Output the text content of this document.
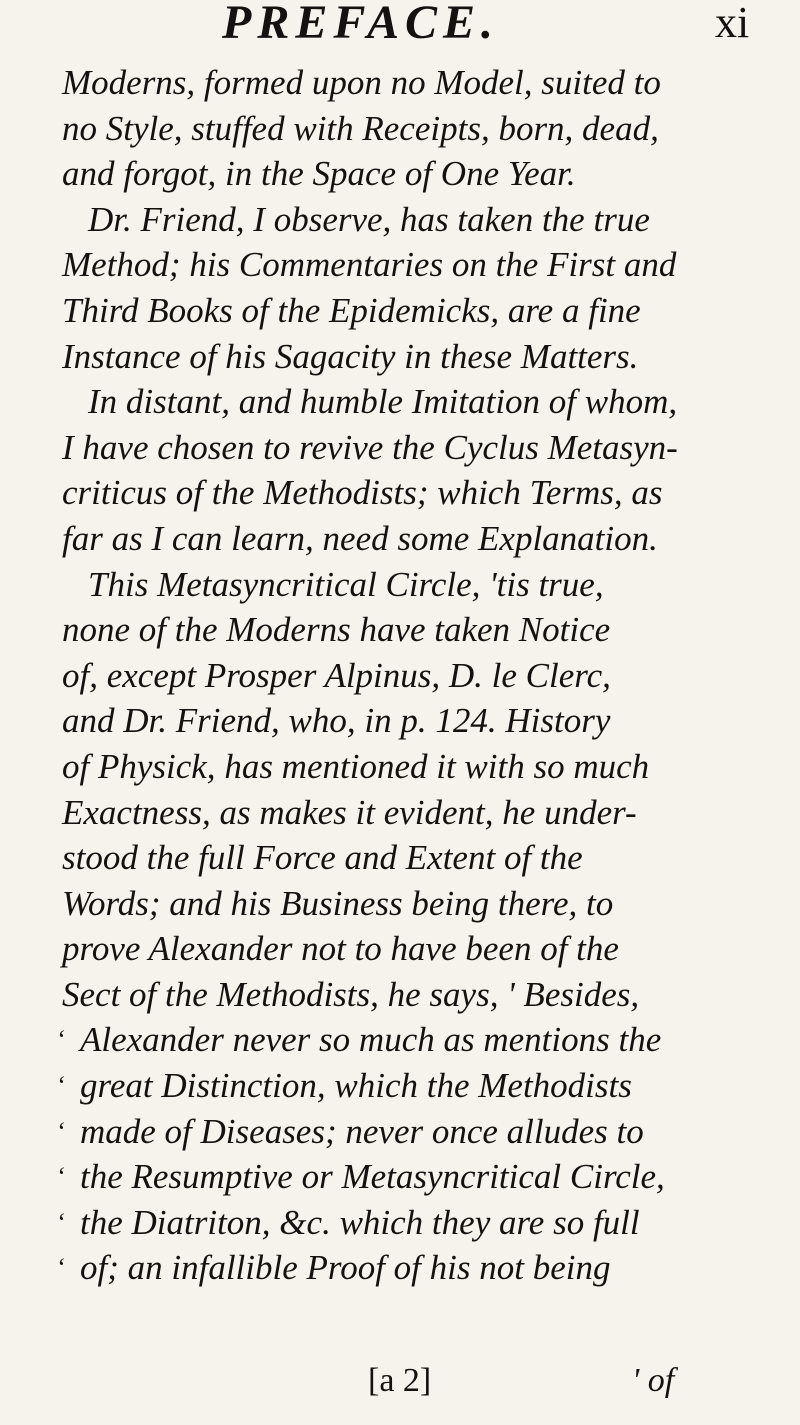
PREFACE.	xi
Moderns, formed upon no Model, suited to
no Style, stuffed with Receipts, born, dead,
and forgot, in the Space of One Year.
Dr. Friend, I observe, has taken the true
Method; his Commentaries on the First and
Third Books of the Epidemicks, are a fine
Instance of his Sagacity in these Matters.
In distant, and humble Imitation of whom,
I have chosen to revive the Cyclus Metasyn-
criticus of the Methodists; which Terms, as
far as I can learn, need some Explanation.
This Metasyncritical Circle, 'tis true,
none of the Moderns have taken Notice
of, except Prosper Alpinus, D. le Clerc,
and Dr. Friend, who, in p. 124. History
of Physick, has mentioned it with so much
Exactness, as makes it evident, he under-
stood the full Force and Extent of the
Words; and his Business being there, to
prove Alexander not to have been of the
Sect of the Methodists, he says, ' Besides,
‘ Alexander never so much as mentions the
‘ great Distinction, which the Methodists
‘ made of Diseases; never once alludes to
‘ the Resumptive or Metasyncritical Circle,
‘ the Diatriton, &c. which they are so full
‘ of; an infallible Proof of his not being
[a 2]	' of
